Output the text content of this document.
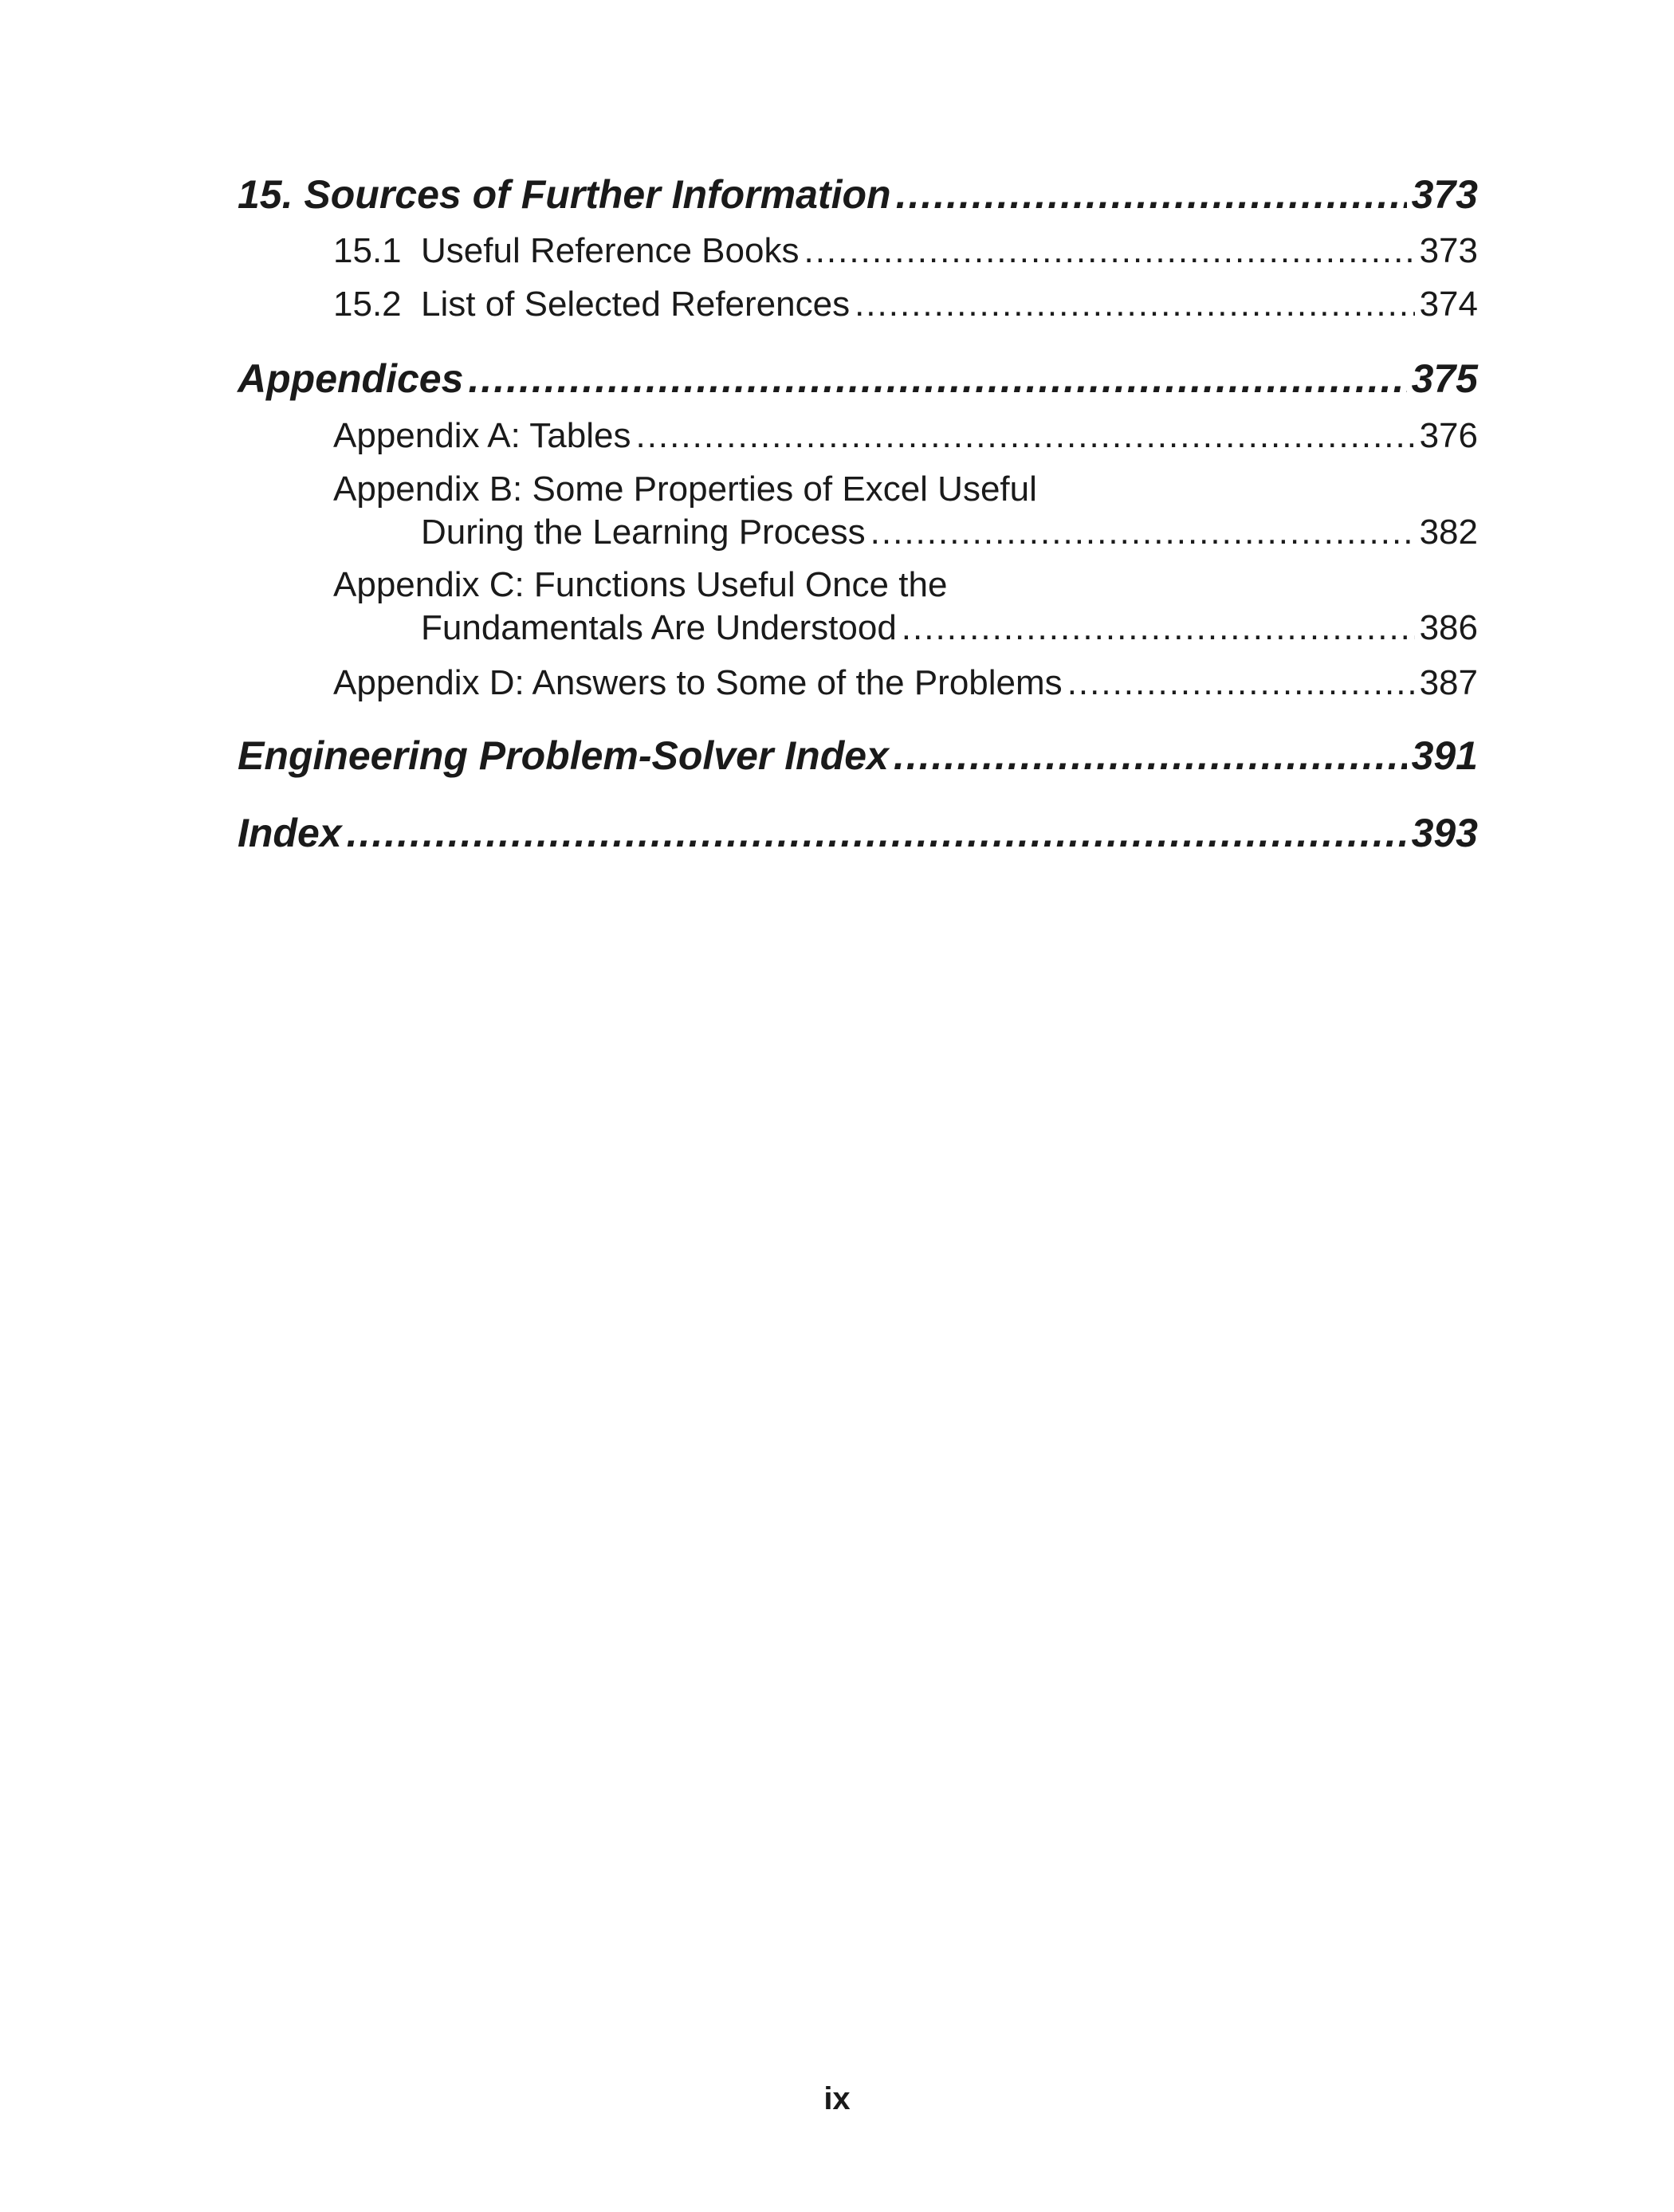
15. Sources of Further Information .....	373
15.1 Useful Reference Books .....	373
15.2 List of Selected References .....	374
Appendices .....	375
Appendix A: Tables .....	376
Appendix B: Some Properties of Excel Useful
During the Learning Process .....	382
Appendix C: Functions Useful Once the
Fundamentals Are Understood .....	386
Appendix D: Answers to Some of the Problems .....	387
Engineering Problem-Solver Index .....	391
Index .....	393
ix
